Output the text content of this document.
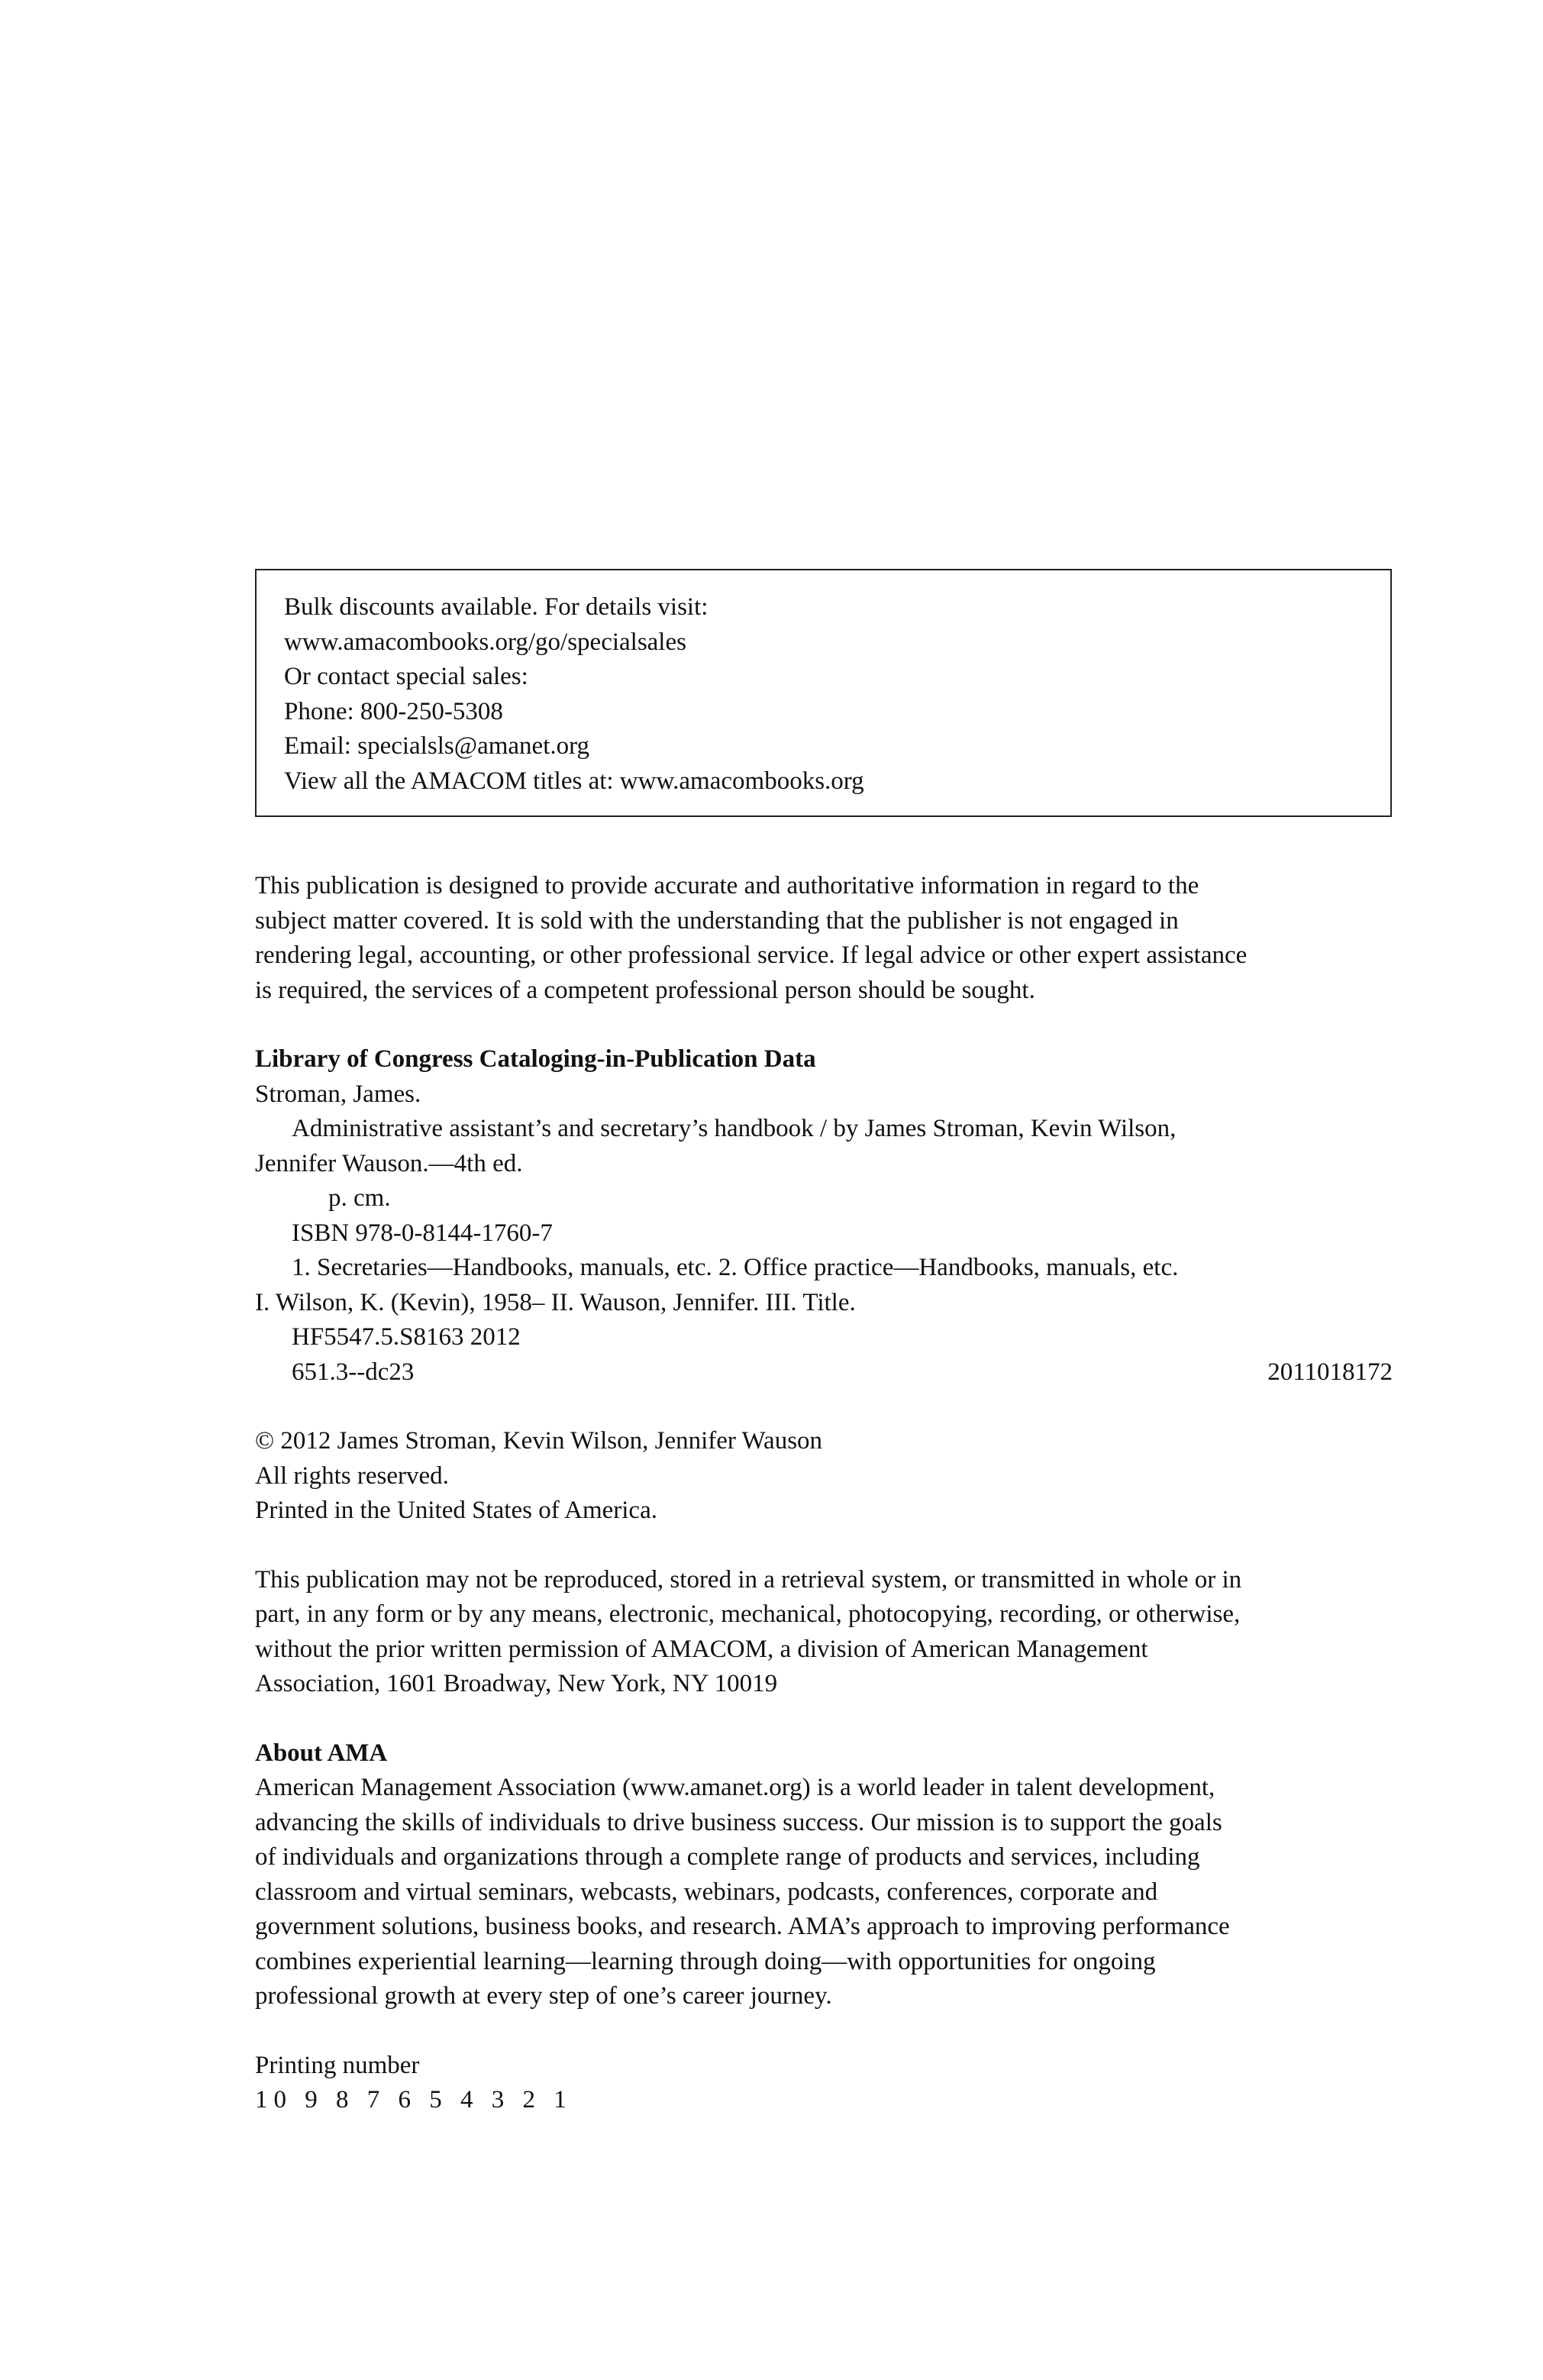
Bulk discounts available. For details visit:
www.amacombooks.org/go/specialsales
Or contact special sales:
Phone: 800-250-5308
Email: specialsls@amanet.org
View all the AMACOM titles at: www.amacombooks.org
This publication is designed to provide accurate and authoritative information in regard to the
subject matter covered. It is sold with the understanding that the publisher is not engaged in
rendering legal, accounting, or other professional service. If legal advice or other expert assistance
is required, the services of a competent professional person should be sought.
Library of Congress Cataloging-in-Publication Data
Stroman, James.
Administrative assistant’s and secretary’s handbook / by James Stroman, Kevin Wilson,
Jennifer Wauson.—4th ed.
p. cm.
ISBN 978-0-8144-1760-7
1. Secretaries—Handbooks, manuals, etc. 2. Office practice—Handbooks, manuals, etc.
I. Wilson, K. (Kevin), 1958– II. Wauson, Jennifer. III. Title.
HF5547.5.S8163 2012
651.3--dc23	2011018172
© 2012 James Stroman, Kevin Wilson, Jennifer Wauson
All rights reserved.
Printed in the United States of America.
This publication may not be reproduced, stored in a retrieval system, or transmitted in whole or in
part, in any form or by any means, electronic, mechanical, photocopying, recording, or otherwise,
without the prior written permission of AMACOM, a division of American Management
Association, 1601 Broadway, New York, NY 10019
About AMA
American Management Association (www.amanet.org) is a world leader in talent development,
advancing the skills of individuals to drive business success. Our mission is to support the goals
of individuals and organizations through a complete range of products and services, including
classroom and virtual seminars, webcasts, webinars, podcasts, conferences, corporate and
government solutions, business books, and research. AMA’s approach to improving performance
combines experiential learning—learning through doing—with opportunities for ongoing
professional growth at every step of one’s career journey.
Printing number
10 9 8 7 6 5 4 3 2 1
